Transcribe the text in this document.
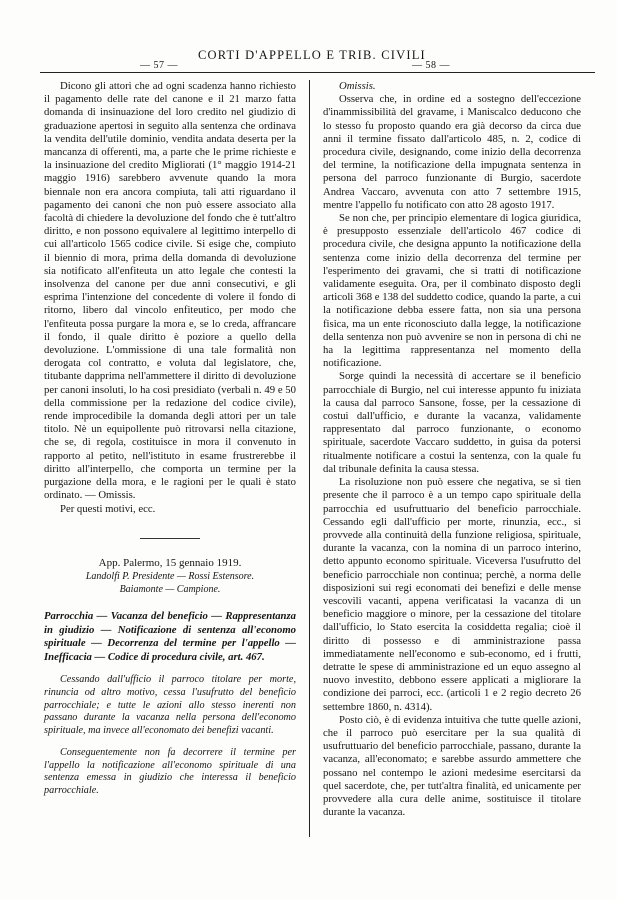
— 57 —
CORTI D'APPELLO E TRIB. CIVILI
— 58 —

Dicono gli attori che ad ogni scadenza hanno richiesto il pagamento delle rate del canone e il 21 marzo fatta domanda di insinuazione del loro credito nel giudizio di graduazione apertosi in seguito alla sentenza che ordinava la vendita dell'utile dominio, vendita andata deserta per la mancanza di offerenti, ma, a parte che le prime richieste e la insinuazione del credito Migliorati (1° maggio 1914-21 maggio 1916) sarebbero avvenute quando la mora biennale non era ancora compiuta, tali atti riguardano il pagamento dei canoni che non può essere associato alla facoltà di chiedere la devoluzione del fondo che è tutt'altro diritto, e non possono equivalere al legittimo interpello di cui all'articolo 1565 codice civile. Si esige che, compiuto il biennio di mora, prima della domanda di devoluzione sia notificato all'enfiteuta un atto legale che contesti la insolvenza del canone per due anni consecutivi, e gli esprima l'intenzione del concedente di volere il fondo di ritorno, libero dal vincolo enfiteutico, per modo che l'enfiteuta possa purgare la mora e, se lo creda, affrancare il fondo, il quale diritto è poziore a quello della devoluzione. L'ommissione di una tale formalità non derogata col contratto, e voluta dal legislatore, che, titubante dapprima nell'ammettere il diritto di devoluzione per canoni insoluti, lo ha così presidiato (verbali n. 49 e 50 della commissione per la redazione del codice civile), rende improcedibile la domanda degli attori per un tale titolo. Nè un equipollente può ritrovarsi nella citazione, che se, di regola, costituisce in mora il convenuto in rapporto al petito, nell'istituto in esame frustrerebbe il diritto all'interpello, che comporta un termine per la purgazione della mora, e le ragioni per le quali è stato ordinato. — Omissis.

Per questi motivi, ecc.

App. Palermo, 15 gennaio 1919.

Landolfi P. Presidente — Rossi Estensore.

Baiamonte — Campione.

Parrocchia — Vacanza del beneficio — Rappresentanza in giudizio — Notificazione di sentenza all'economo spirituale — Decorrenza del termine per l'appello — Inefficacia — Codice di procedura civile, art. 467.

Cessando dall'ufficio il parroco titolare per morte, rinuncia od altro motivo, cessa l'usufrutto del beneficio parrocchiale; e tutte le azioni allo stesso inerenti non passano durante la vacanza nella persona dell'economo spirituale, ma invece all'economato dei benefizi vacanti.

Conseguentemente non fa decorrere il termine per l'appello la notificazione all'economo spirituale di una sentenza emessa in giudizio che interessa il beneficio parrocchiale.

Omissis.

Osserva che, in ordine ed a sostegno dell'eccezione d'inammissibilità del gravame, i Maniscalco deducono che lo stesso fu proposto quando era già decorso da circa due anni il termine fissato dall'articolo 485, n. 2, codice di procedura civile, designando, come inizio della decorrenza del termine, la notificazione della impugnata sentenza in persona del parroco funzionante di Burgio, sacerdote Andrea Vaccaro, avvenuta con atto 7 settembre 1915, mentre l'appello fu notificato con atto 28 agosto 1917.

Se non che, per principio elementare di logica giuridica, è presupposto essenziale dell'articolo 467 codice di procedura civile, che designa appunto la notificazione della sentenza come inizio della decorrenza del termine per l'esperimento dei gravami, che si tratti di notificazione validamente eseguita. Ora, per il combinato disposto degli articoli 368 e 138 del suddetto codice, quando la parte, a cui la notificazione debba essere fatta, non sia una persona fisica, ma un ente riconosciuto dalla legge, la notificazione della sentenza non può avvenire se non in persona di chi ne ha la legittima rappresentanza nel momento della notificazione.

Sorge quindi la necessità di accertare se il beneficio parrocchiale di Burgio, nel cui interesse appunto fu iniziata la causa dal parroco Sansone, fosse, per la cessazione di costui dall'ufficio, e durante la vacanza, validamente rappresentato dal parroco funzionante, o economo spirituale, sacerdote Vaccaro suddetto, in guisa da potersi ritualmente notificare a costui la sentenza, con la quale fu dal tribunale definita la causa stessa.

La risoluzione non può essere che negativa, se si tien presente che il parroco è a un tempo capo spirituale della parrocchia ed usufruttuario del beneficio parrocchiale. Cessando egli dall'ufficio per morte, rinunzia, ecc., si provvede alla continuità della funzione religiosa, spirituale, durante la vacanza, con la nomina di un parroco interino, detto appunto economo spirituale. Viceversa l'usufrutto del beneficio parrocchiale non continua; perchè, a norma delle disposizioni sui regi economati dei benefizi e delle mense vescovili vacanti, appena verificatasi la vacanza di un beneficio maggiore o minore, per la cessazione del titolare dall'ufficio, lo Stato esercita la cosiddetta regalia; cioè il diritto di possesso e di amministrazione passa immediatamente nell'economo e sub-economo, ed i frutti, detratte le spese di amministrazione ed un equo assegno al nuovo investito, debbono essere applicati a migliorare la condizione dei parroci, ecc. (articoli 1 e 2 regio decreto 26 settembre 1860, n. 4314).

Posto ciò, è di evidenza intuitiva che tutte quelle azioni, che il parroco può esercitare per la sua qualità di usufruttuario del beneficio parrocchiale, passano, durante la vacanza, all'economato; e sarebbe assurdo ammettere che possano nel contempo le azioni medesime esercitarsi da quel sacerdote, che, per tutt'altra finalità, ed unicamente per provvedere alla cura delle anime, sostituisce il titolare durante la vacanza.
